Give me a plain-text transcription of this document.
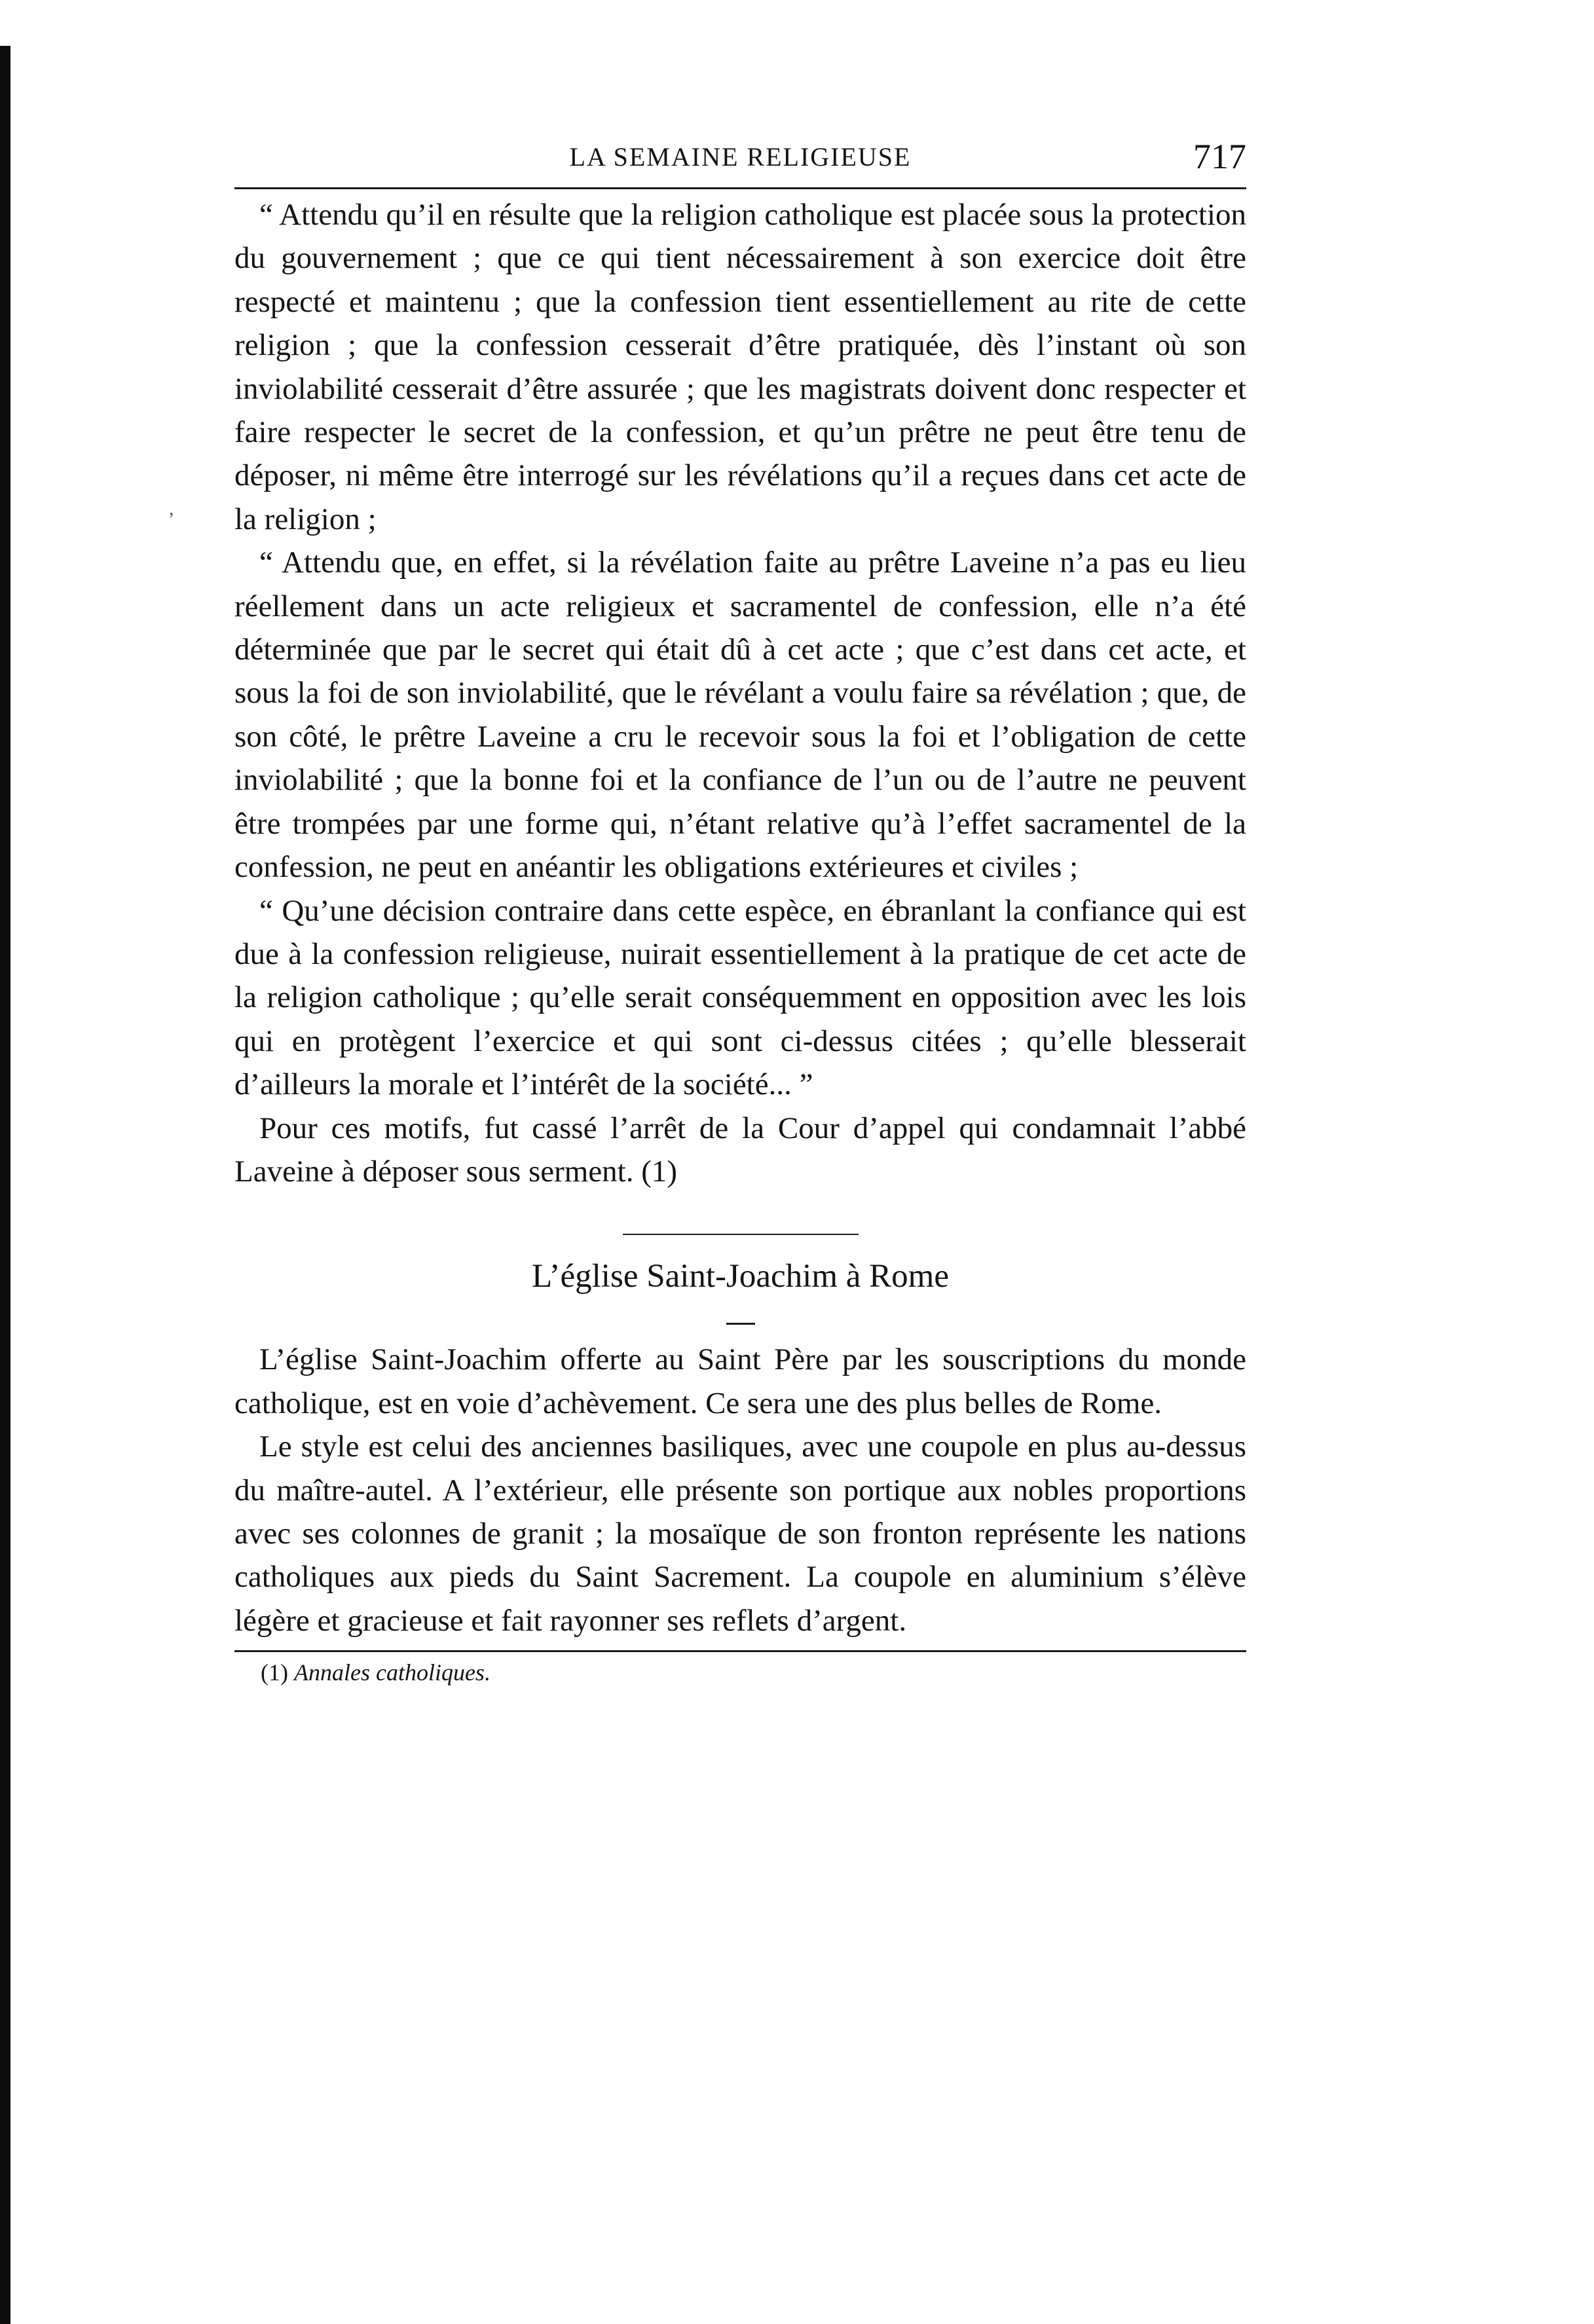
,
LA SEMAINE RELIGIEUSE	717

“ Attendu qu’il en résulte que la religion catholique est placée sous la protection du gouvernement ; que ce qui tient nécessairement à son exercice doit être respecté et maintenu ; que la confession tient essentiellement au rite de cette religion ; que la confession cesserait d’être pratiquée, dès l’instant où son inviolabilité cesserait d’être assurée ; que les magistrats doivent donc respecter et faire respecter le secret de la confession, et qu’un prêtre ne peut être tenu de déposer, ni même être interrogé sur les révélations qu’il a reçues dans cet acte de la religion ;

“ Attendu que, en effet, si la révélation faite au prêtre Laveine n’a pas eu lieu réellement dans un acte religieux et sacramentel de confession, elle n’a été déterminée que par le secret qui était dû à cet acte ; que c’est dans cet acte, et sous la foi de son inviolabilité, que le révélant a voulu faire sa révélation ; que, de son côté, le prêtre Laveine a cru le recevoir sous la foi et l’obligation de cette inviolabilité ; que la bonne foi et la confiance de l’un ou de l’autre ne peuvent être trompées par une forme qui, n’étant relative qu’à l’effet sacramentel de la confession, ne peut en anéantir les obligations extérieures et civiles ;

“ Qu’une décision contraire dans cette espèce, en ébranlant la confiance qui est due à la confession religieuse, nuirait essentiellement à la pratique de cet acte de la religion catholique ; qu’elle serait conséquemment en opposition avec les lois qui en protègent l’exercice et qui sont ci-dessus citées ; qu’elle blesserait d’ailleurs la morale et l’intérêt de la société... ”

Pour ces motifs, fut cassé l’arrêt de la Cour d’appel qui condamnait l’abbé Laveine à déposer sous serment. (1)

L’église Saint-Joachim à Rome

L’église Saint-Joachim offerte au Saint Père par les souscriptions du monde catholique, est en voie d’achèvement. Ce sera une des plus belles de Rome.

Le style est celui des anciennes basiliques, avec une coupole en plus au-dessus du maître-autel. A l’extérieur, elle présente son portique aux nobles proportions avec ses colonnes de granit ; la mosaïque de son fronton représente les nations catholiques aux pieds du Saint Sacrement. La coupole en aluminium s’élève légère et gracieuse et fait rayonner ses reflets d’argent.

(1) Annales catholiques.
